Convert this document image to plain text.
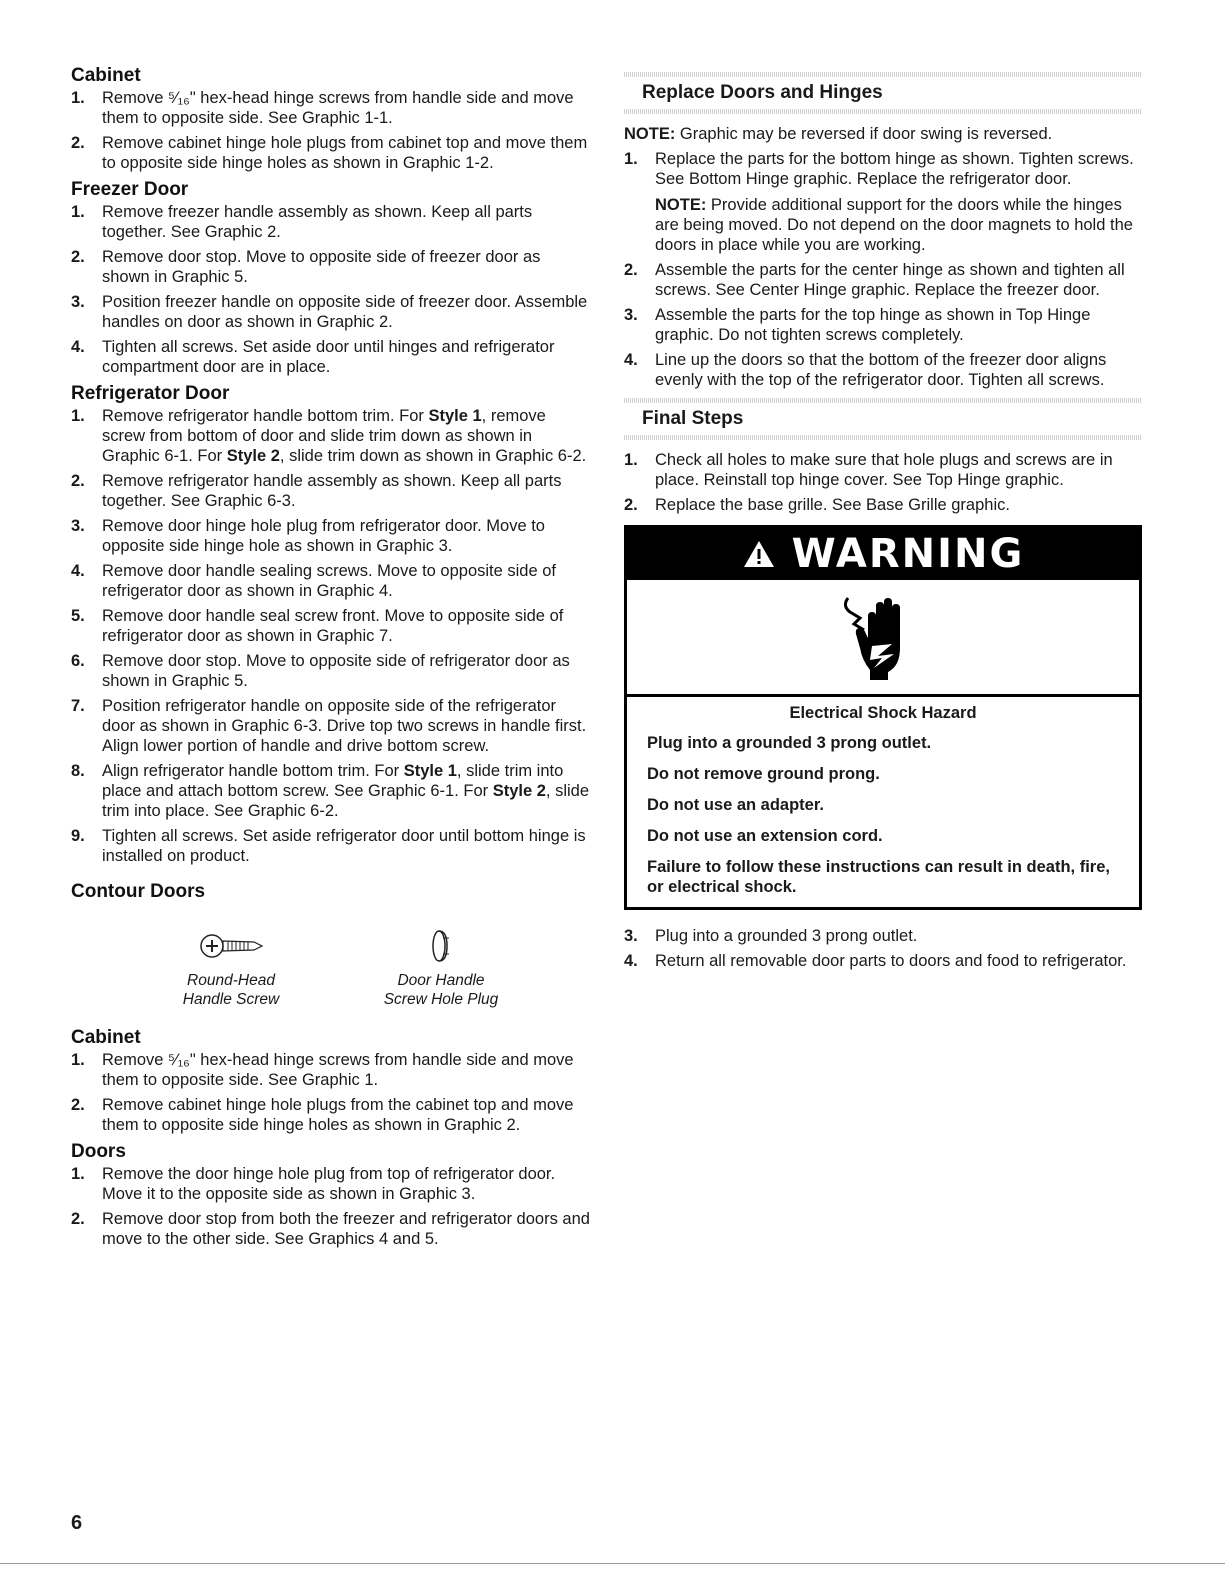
Cabinet
1. Remove ⁵⁄₁₆" hex-head hinge screws from handle side and move them to opposite side. See Graphic 1-1.
2. Remove cabinet hinge hole plugs from cabinet top and move them to opposite side hinge holes as shown in Graphic 1-2.
Freezer Door
1. Remove freezer handle assembly as shown. Keep all parts together. See Graphic 2.
2. Remove door stop. Move to opposite side of freezer door as shown in Graphic 5.
3. Position freezer handle on opposite side of freezer door. Assemble handles on door as shown in Graphic 2.
4. Tighten all screws. Set aside door until hinges and refrigerator compartment door are in place.
Refrigerator Door
1. Remove refrigerator handle bottom trim. For Style 1, remove screw from bottom of door and slide trim down as shown in Graphic 6-1. For Style 2, slide trim down as shown in Graphic 6-2.
2. Remove refrigerator handle assembly as shown. Keep all parts together. See Graphic 6-3.
3. Remove door hinge hole plug from refrigerator door. Move to opposite side hinge hole as shown in Graphic 3.
4. Remove door handle sealing screws. Move to opposite side of refrigerator door as shown in Graphic 4.
5. Remove door handle seal screw front. Move to opposite side of refrigerator door as shown in Graphic 7.
6. Remove door stop. Move to opposite side of refrigerator door as shown in Graphic 5.
7. Position refrigerator handle on opposite side of the refrigerator door as shown in Graphic 6-3. Drive top two screws in handle first. Align lower portion of handle and drive bottom screw.
8. Align refrigerator handle bottom trim. For Style 1, slide trim into place and attach bottom screw. See Graphic 6-1. For Style 2, slide trim into place. See Graphic 6-2.
9. Tighten all screws. Set aside refrigerator door until bottom hinge is installed on product.
Contour Doors
Round-Head
Handle Screw
Door Handle
Screw Hole Plug
Cabinet
1. Remove ⁵⁄₁₆" hex-head hinge screws from handle side and move them to opposite side. See Graphic 1.
2. Remove cabinet hinge hole plugs from the cabinet top and move them to opposite side hinge holes as shown in Graphic 2.
Doors
1. Remove the door hinge hole plug from top of refrigerator door. Move it to the opposite side as shown in Graphic 3.
2. Remove door stop from both the freezer and refrigerator doors and move to the other side. See Graphics 4 and 5.
Replace Doors and Hinges
NOTE: Graphic may be reversed if door swing is reversed.
1. Replace the parts for the bottom hinge as shown. Tighten screws. See Bottom Hinge graphic. Replace the refrigerator door.
NOTE: Provide additional support for the doors while the hinges are being moved. Do not depend on the door magnets to hold the doors in place while you are working.
2. Assemble the parts for the center hinge as shown and tighten all screws. See Center Hinge graphic. Replace the freezer door.
3. Assemble the parts for the top hinge as shown in Top Hinge graphic. Do not tighten screws completely.
4. Line up the doors so that the bottom of the freezer door aligns evenly with the top of the refrigerator door. Tighten all screws.
Final Steps
1. Check all holes to make sure that hole plugs and screws are in place. Reinstall top hinge cover. See Top Hinge graphic.
2. Replace the base grille. See Base Grille graphic.
WARNING
Electrical Shock Hazard
Plug into a grounded 3 prong outlet.
Do not remove ground prong.
Do not use an adapter.
Do not use an extension cord.
Failure to follow these instructions can result in death, fire, or electrical shock.
3. Plug into a grounded 3 prong outlet.
4. Return all removable door parts to doors and food to refrigerator.
6
